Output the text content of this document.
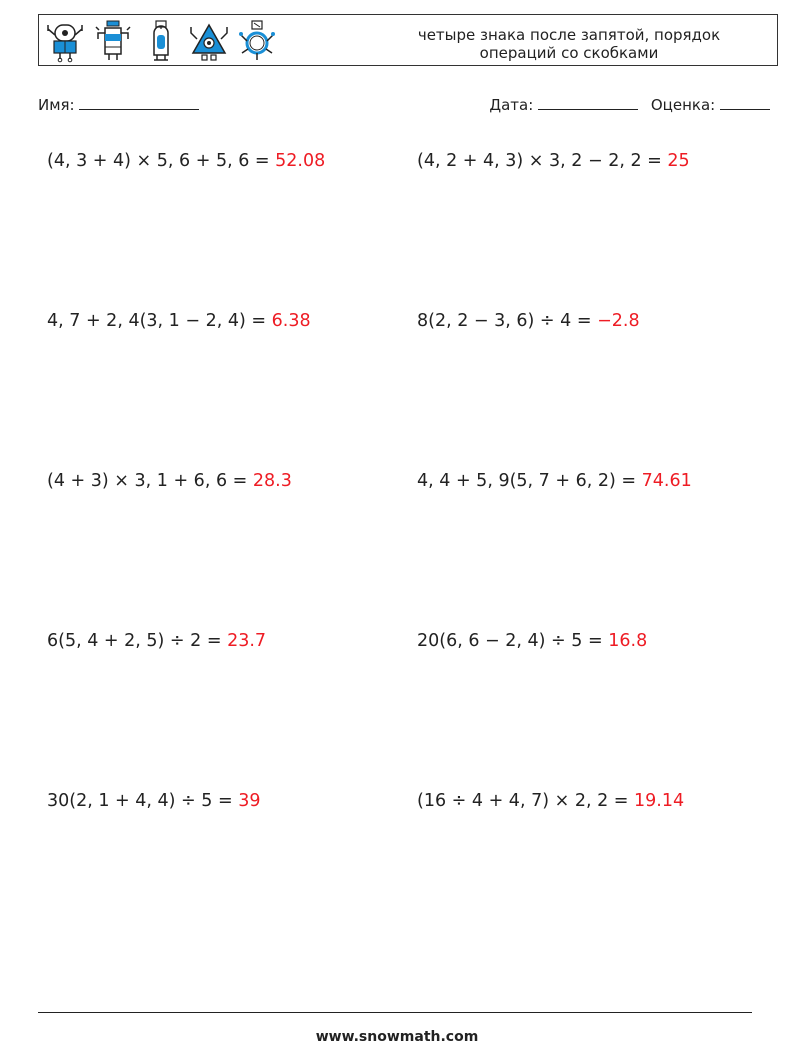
четыре знака после запятой, порядок
операций со скобками
Имя:	Дата:	Оценка:
(4, 3 + 4) × 5, 6 + 5, 6 = 52.08	(4, 2 + 4, 3) × 3, 2 − 2, 2 = 25
4, 7 + 2, 4(3, 1 − 2, 4) = 6.38	8(2, 2 − 3, 6) ÷ 4 = −2.8
(4 + 3) × 3, 1 + 6, 6 = 28.3	4, 4 + 5, 9(5, 7 + 6, 2) = 74.61
6(5, 4 + 2, 5) ÷ 2 = 23.7	20(6, 6 − 2, 4) ÷ 5 = 16.8
30(2, 1 + 4, 4) ÷ 5 = 39	(16 ÷ 4 + 4, 7) × 2, 2 = 19.14
www.snowmath.com
